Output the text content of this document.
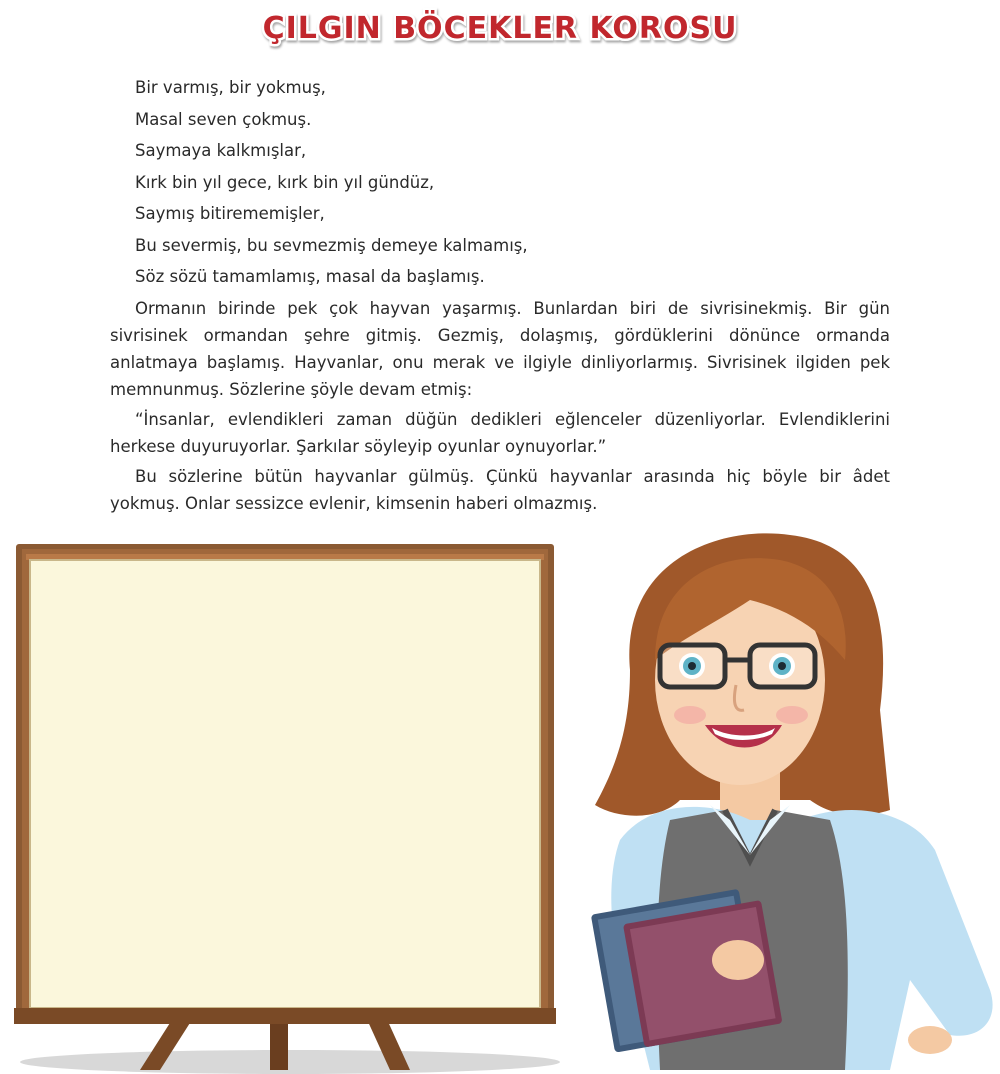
ÇILGIN BÖCEKLER KOROSU

Bir varmış, bir yokmuş,

Masal seven çokmuş.

Saymaya kalkmışlar,

Kırk bin yıl gece, kırk bin yıl gündüz,

Saymış bitirememişler,

Bu severmiş, bu sevmezmiş demeye kalmamış,

Söz sözü tamamlamış, masal da başlamış.

Ormanın birinde pek çok hayvan yaşarmış. Bunlardan biri de sivrisinekmiş. Bir gün sivrisinek ormandan şehre gitmiş. Gezmiş, dolaşmış, gördüklerini dönünce ormanda anlatmaya başlamış. Hayvanlar, onu merak ve ilgiyle dinliyorlarmış. Sivrisinek ilgiden pek memnunmuş. Sözlerine şöyle devam etmiş:

“İnsanlar, evlendikleri zaman düğün dedikleri eğlenceler düzenliyorlar. Evlendiklerini herkese duyuruyorlar. Şarkılar söyleyip oyunlar oynuyorlar.”

Bu sözlerine bütün hayvanlar gülmüş. Çünkü hayvanlar arasında hiç böyle bir âdet yokmuş. Onlar sessizce evlenir, kimsenin haberi olmazmış.
